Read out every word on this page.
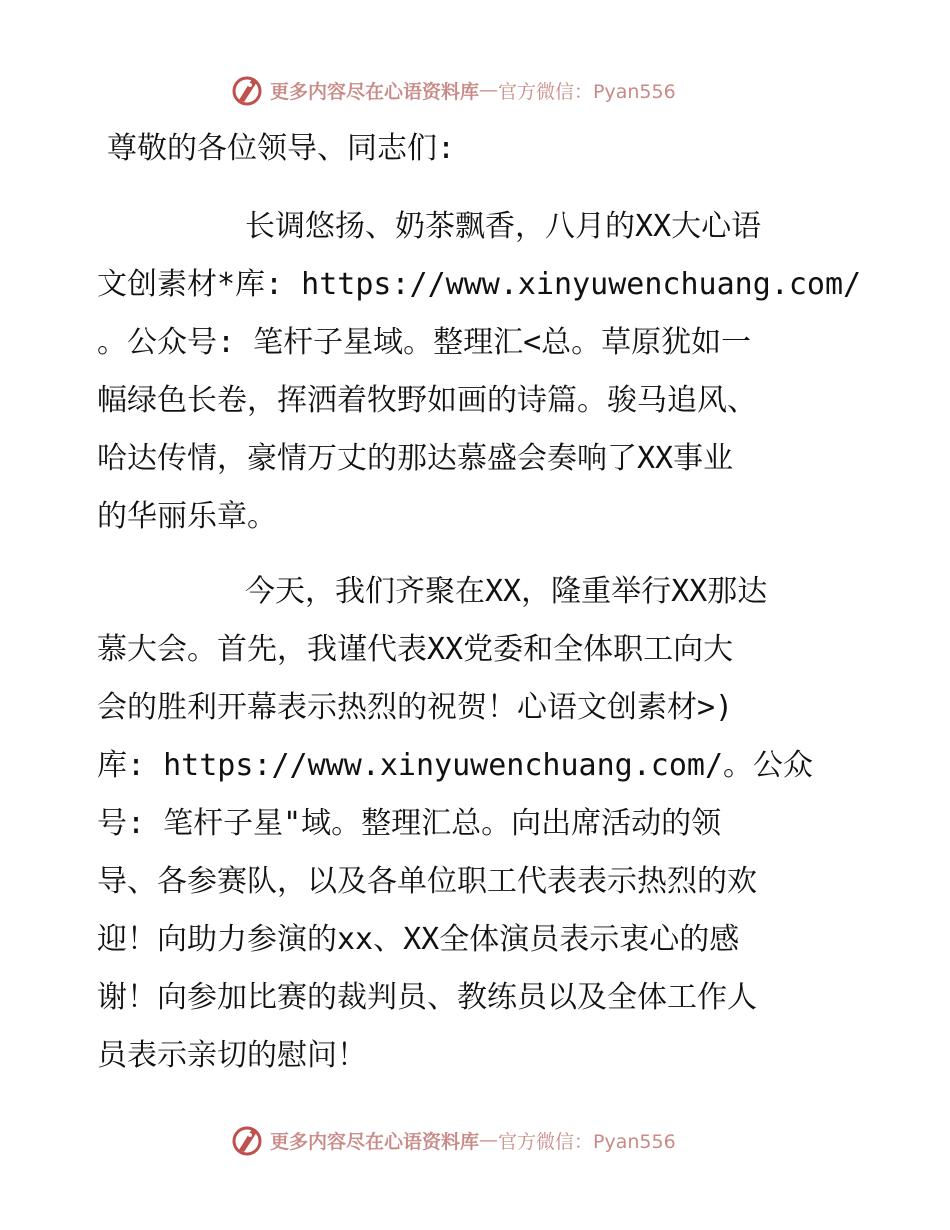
更多内容尽在心语资料库 — 官方微信：Pyan556
尊敬的各位领导、同志们:
长调悠扬、奶茶飘香，八月的XX大心语
文创素材*库: https://www.xinyuwenchuang.com/
。公众号: 笔杆子星域。整理汇<总。草原犹如一
幅绿色长卷，挥洒着牧野如画的诗篇。骏马追风、
哈达传情，豪情万丈的那达慕盛会奏响了XX事业
的华丽乐章。
今天，我们齐聚在XX，隆重举行XX那达
慕大会。首先，我谨代表XX党委和全体职工向大
会的胜利开幕表示热烈的祝贺！心语文创素材>)
库: https://www.xinyuwenchuang.com/。公众
号: 笔杆子星"域。整理汇总。向出席活动的领
导、各参赛队，以及各单位职工代表表示热烈的欢
迎！向助力参演的xx、XX全体演员表示衷心的感
谢！向参加比赛的裁判员、教练员以及全体工作人
员表示亲切的慰问！
更多内容尽在心语资料库 — 官方微信：Pyan556
